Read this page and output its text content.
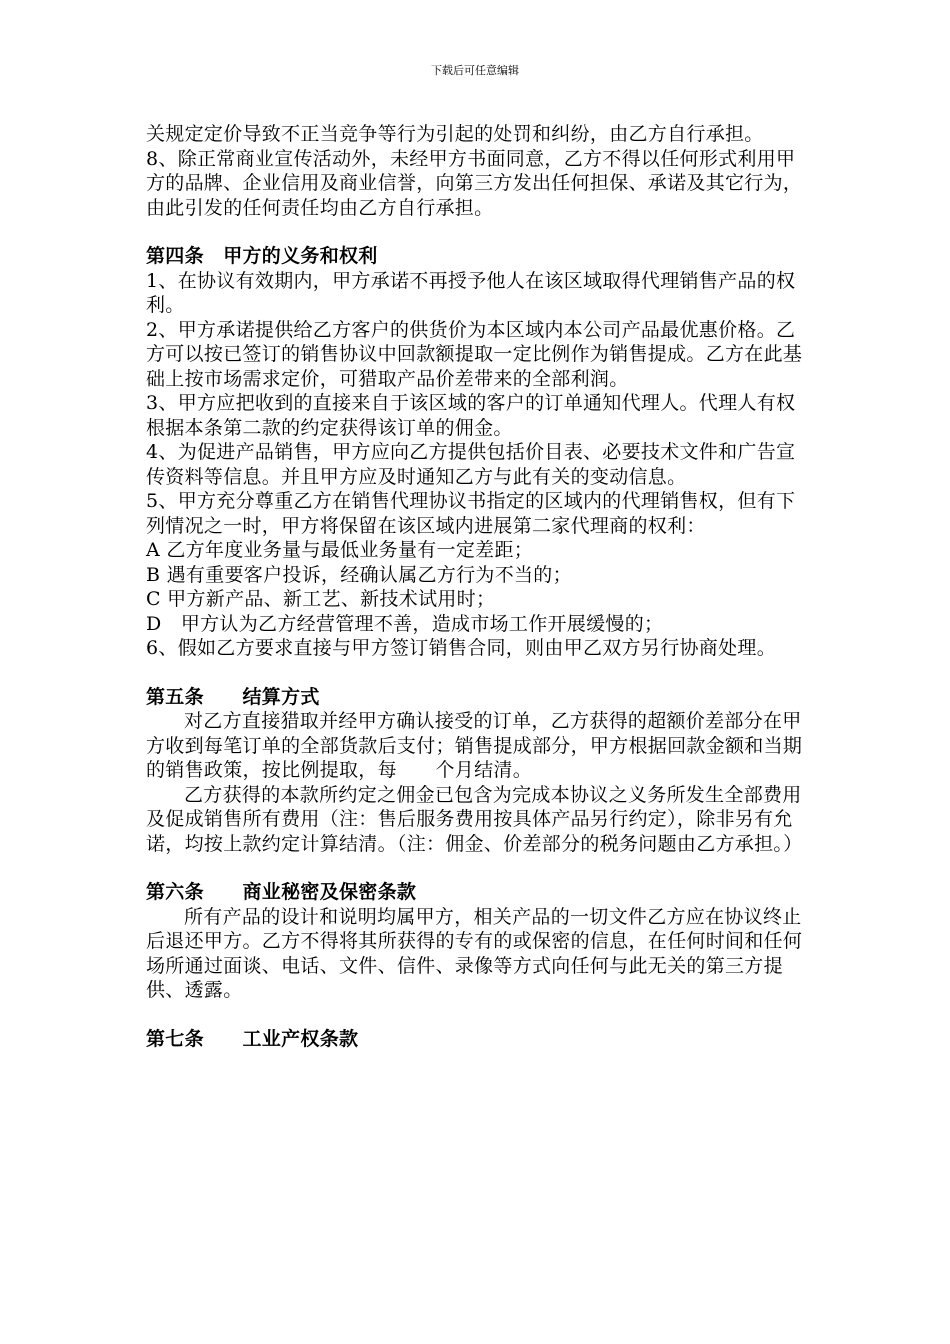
下载后可任意编辑

关规定定价导致不正当竞争等行为引起的处罚和纠纷，由乙方自行承担。

8、除正常商业宣传活动外，未经甲方书面同意，乙方不得以任何形式利用甲方的品牌、企业信用及商业信誉，向第三方发出任何担保、承诺及其它行为，由此引发的任何责任均由乙方自行承担。

第四条　甲方的义务和权利

1、在协议有效期内，甲方承诺不再授予他人在该区域取得代理销售产品的权利。

2、甲方承诺提供给乙方客户的供货价为本区域内本公司产品最优惠价格。乙方可以按已签订的销售协议中回款额提取一定比例作为销售提成。乙方在此基础上按市场需求定价，可猎取产品价差带来的全部利润。

3、甲方应把收到的直接来自于该区域的客户的订单通知代理人。代理人有权根据本条第二款的约定获得该订单的佣金。

4、为促进产品销售，甲方应向乙方提供包括价目表、必要技术文件和广告宣传资料等信息。并且甲方应及时通知乙方与此有关的变动信息。

5、甲方充分尊重乙方在销售代理协议书指定的区域内的代理销售权，但有下列情况之一时，甲方将保留在该区域内进展第二家代理商的权利：

A 乙方年度业务量与最低业务量有一定差距；

B 遇有重要客户投诉，经确认属乙方行为不当的；

C 甲方新产品、新工艺、新技术试用时；

D　甲方认为乙方经营管理不善，造成市场工作开展缓慢的；

6、假如乙方要求直接与甲方签订销售合同，则由甲乙双方另行协商处理。

第五条　　结算方式

对乙方直接猎取并经甲方确认接受的订单，乙方获得的超额价差部分在甲方收到每笔订单的全部货款后支付；销售提成部分，甲方根据回款金额和当期的销售政策，按比例提取，每　　个月结清。

乙方获得的本款所约定之佣金已包含为完成本协议之义务所发生全部费用及促成销售所有费用（注：售后服务费用按具体产品另行约定），除非另有允诺，均按上款约定计算结清。（注：佣金、价差部分的税务问题由乙方承担。）

第六条　　商业秘密及保密条款

所有产品的设计和说明均属甲方，相关产品的一切文件乙方应在协议终止后退还甲方。乙方不得将其所获得的专有的或保密的信息，在任何时间和任何场所通过面谈、电话、文件、信件、录像等方式向任何与此无关的第三方提供、透露。

第七条　　工业产权条款
